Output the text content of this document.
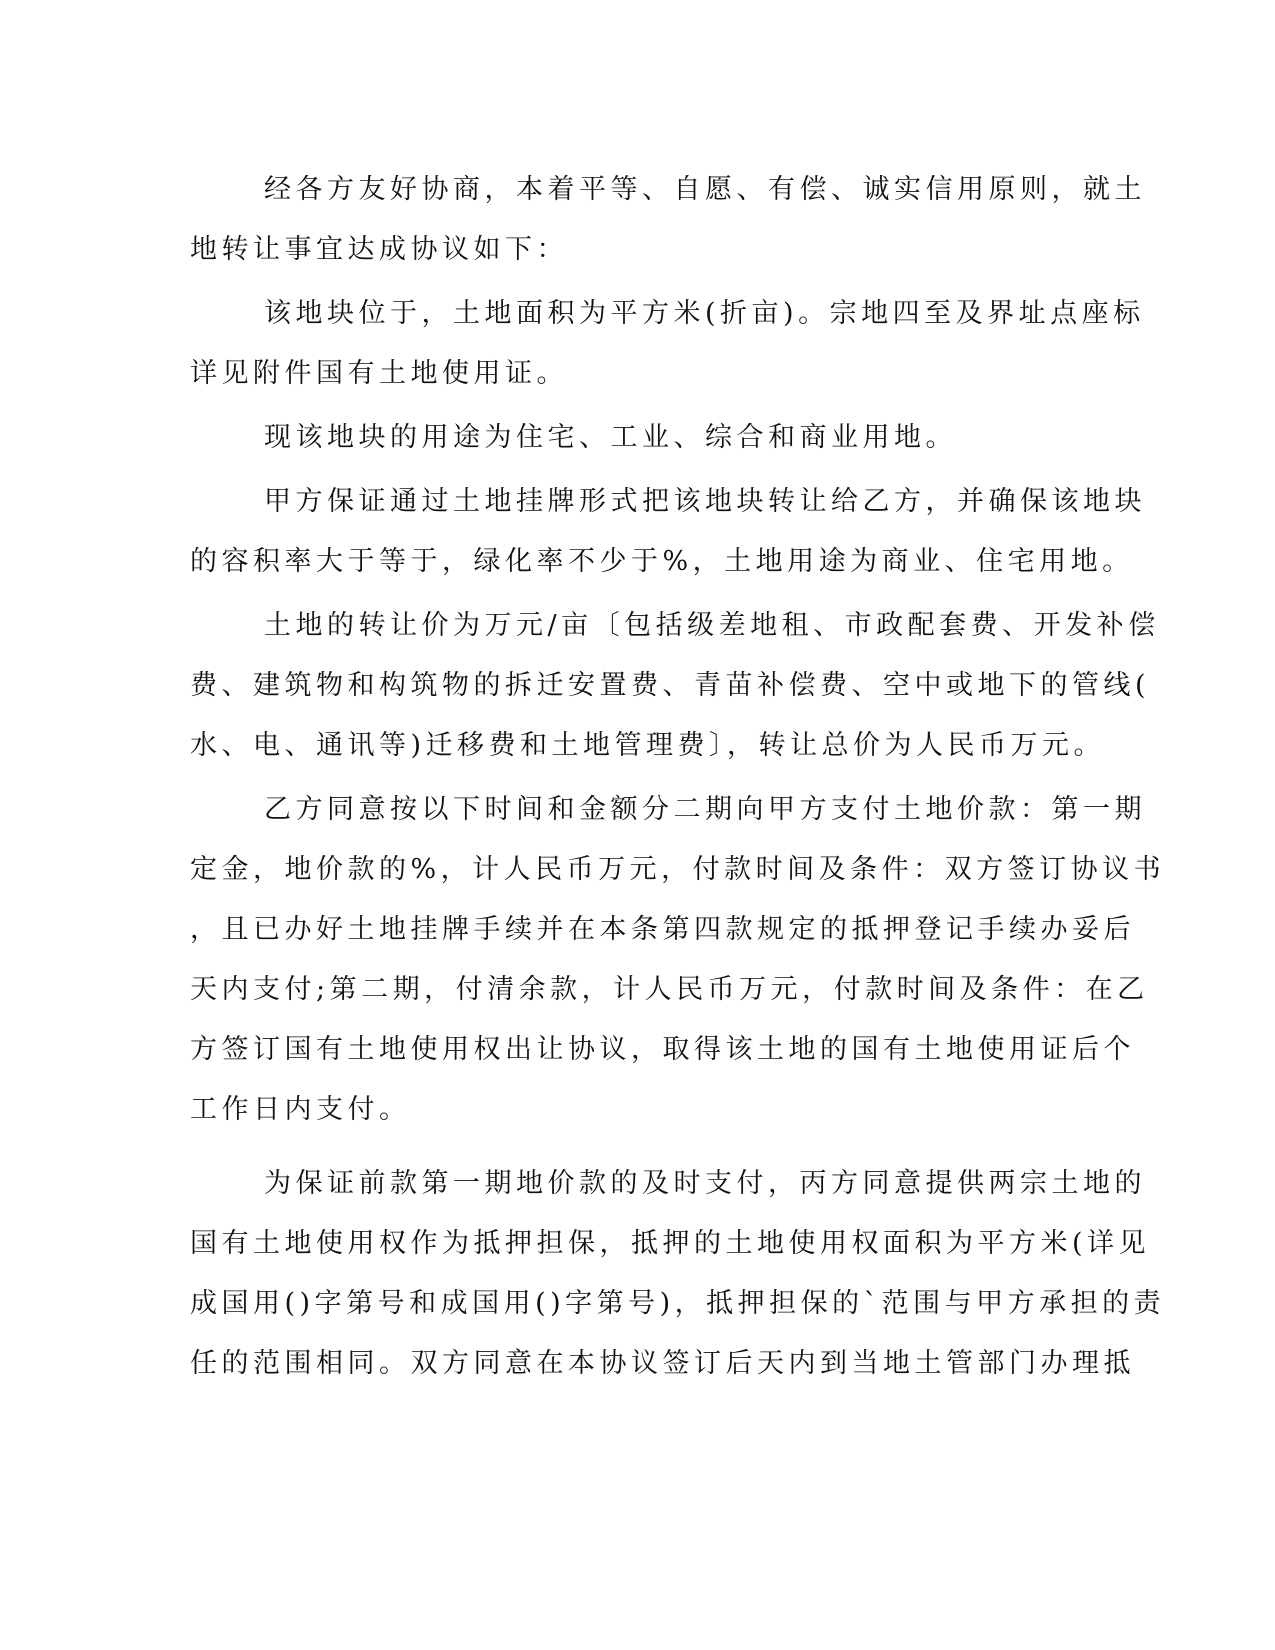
经各方友好协商，本着平等、自愿、有偿、诚实信用原则，就土
地转让事宜达成协议如下：
该地块位于，土地面积为平方米(折亩)。宗地四至及界址点座标
详见附件国有土地使用证。
现该地块的用途为住宅、工业、综合和商业用地。
甲方保证通过土地挂牌形式把该地块转让给乙方，并确保该地块
的容积率大于等于，绿化率不少于%，土地用途为商业、住宅用地。
土地的转让价为万元/亩〔包括级差地租、市政配套费、开发补偿
费、建筑物和构筑物的拆迁安置费、青苗补偿费、空中或地下的管线(
水、电、通讯等)迁移费和土地管理费〕，转让总价为人民币万元。
乙方同意按以下时间和金额分二期向甲方支付土地价款：第一期
定金，地价款的%，计人民币万元，付款时间及条件：双方签订协议书
，且已办好土地挂牌手续并在本条第四款规定的抵押登记手续办妥后
天内支付;第二期，付清余款，计人民币万元，付款时间及条件：在乙
方签订国有土地使用权出让协议，取得该土地的国有土地使用证后个
工作日内支付。
为保证前款第一期地价款的及时支付，丙方同意提供两宗土地的
国有土地使用权作为抵押担保，抵押的土地使用权面积为平方米(详见
成国用()字第号和成国用()字第号)，抵押担保的`范围与甲方承担的责
任的范围相同。双方同意在本协议签订后天内到当地土管部门办理抵
